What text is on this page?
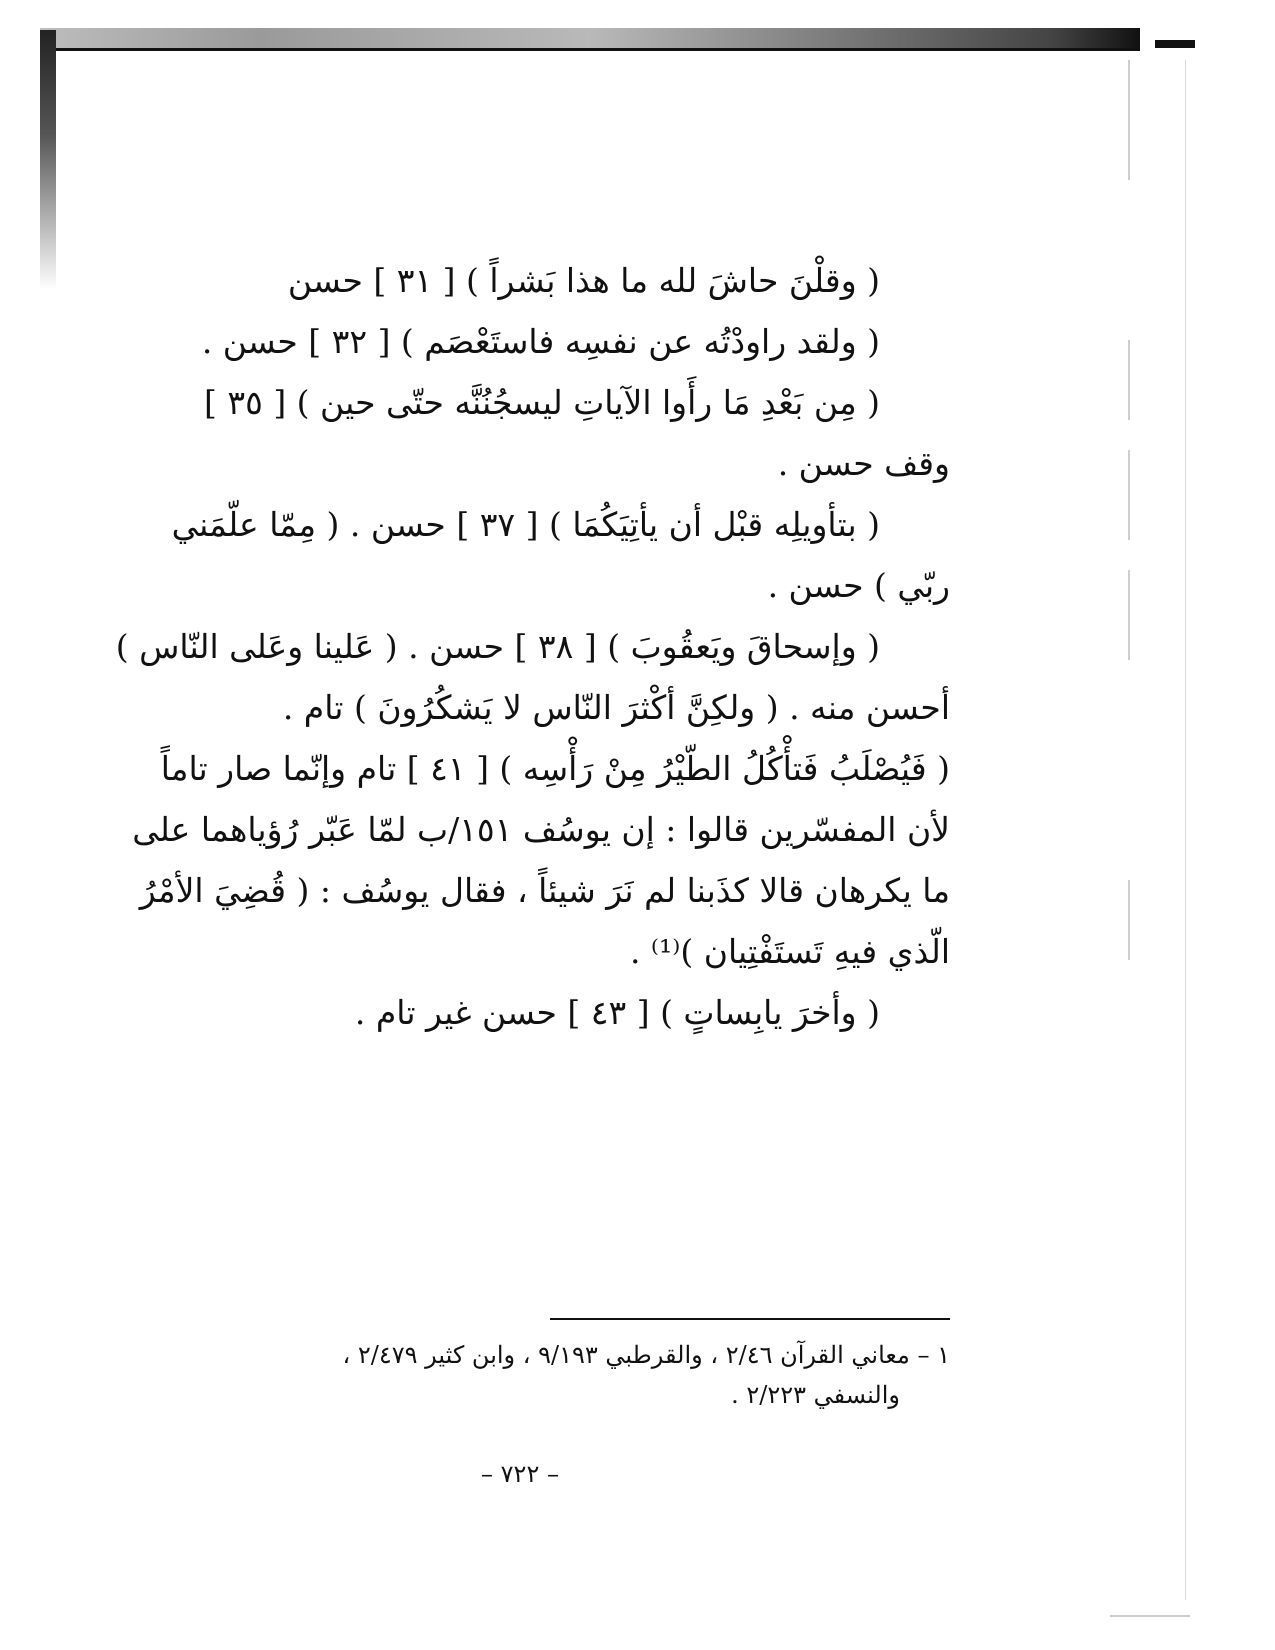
( وقلْنَ حاشَ لله ما هذا بَشراً ) [ ٣١ ] حسن
( ولقد راودْتُه عن نفسِه فاستَعْصَم ) [ ٣٢ ] حسن .
( مِن بَعْدِ مَا رأَوا الآياتِ ليسجُنُنَّه حتّى حين ) [ ٣٥ ]
وقف حسن .
( بتأويلِه قبْل أن يأتِيَكُمَا ) [ ٣٧ ] حسن . ( مِمّا علّمَني
ربّي ) حسن .
( وإسحاقَ ويَعقُوبَ ) [ ٣٨ ] حسن . ( عَلينا وعَلى النّاس )
أحسن منه . ( ولكِنَّ أكْثرَ النّاس لا يَشكُرُونَ ) تام .
( فَيُصْلَبُ فَتأْكُلُ الطّيْرُ مِنْ رَأْسِه ) [ ٤١ ] تام وإنّما صار تاماً
لأن المفسّرين قالوا : إن يوسُف ١٥١/ب لمّا عَبّر رُؤياهما على
ما يكرهان قالا كذَبنا لم نَرَ شيئاً ، فقال يوسُف : ( قُضِيَ الأمْرُ
الّذي فيهِ تَستَفْتِيان )⁽¹⁾ .
( وأخرَ يابِساتٍ ) [ ٤٣ ] حسن غير تام .
١ – معاني القرآن ٢/٤٦ ، والقرطبي ٩/١٩٣ ، وابن كثير ٢/٤٧٩ ،
والنسفي ٢/٢٢٣ .
– ٧٢٢ –
